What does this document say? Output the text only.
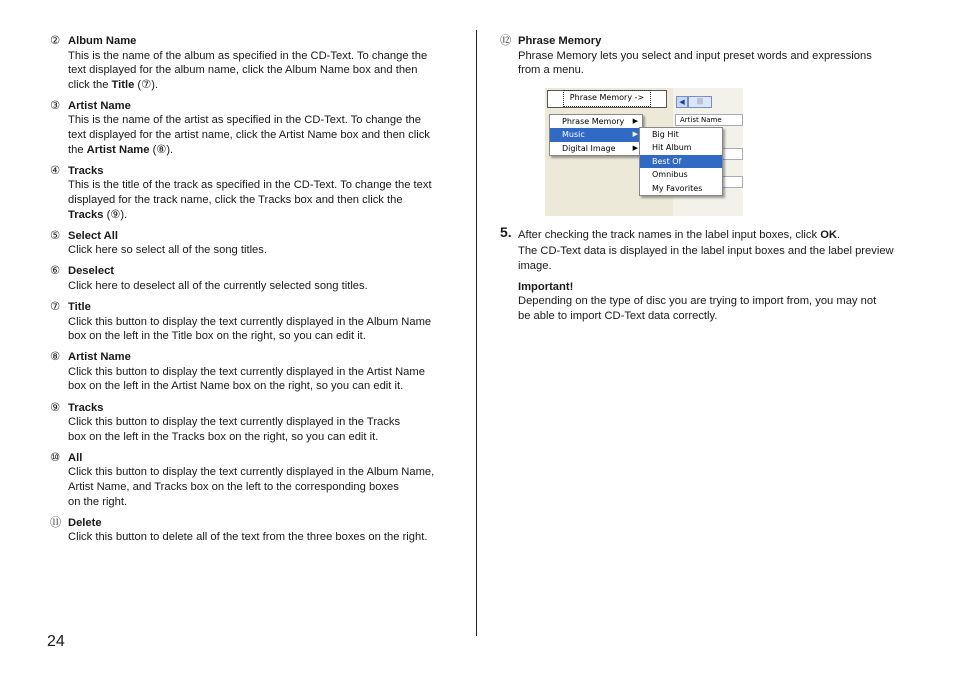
② Album Name
This is the name of the album as specified in the CD-Text. To change the
text displayed for the album name, click the Album Name box and then
click the Title (⑦).
③ Artist Name
This is the name of the artist as specified in the CD-Text. To change the
text displayed for the artist name, click the Artist Name box and then click
the Artist Name (⑧).
④ Tracks
This is the title of the track as specified in the CD-Text. To change the text
displayed for the track name, click the Tracks box and then click the
Tracks (⑨).
⑤ Select All
Click here so select all of the song titles.
⑥ Deselect
Click here to deselect all of the currently selected song titles.
⑦ Title
Click this button to display the text currently displayed in the Album Name
box on the left in the Title box on the right, so you can edit it.
⑧ Artist Name
Click this button to display the text currently displayed in the Artist Name
box on the left in the Artist Name box on the right, so you can edit it.
⑨ Tracks
Click this button to display the text currently displayed in the Tracks
box on the left in the Tracks box on the right, so you can edit it.
⑩ All
Click this button to display the text currently displayed in the Album Name,
Artist Name, and Tracks box on the left to the corresponding boxes
on the right.
⑪ Delete
Click this button to delete all of the text from the three boxes on the right.
⑫ Phrase Memory
Phrase Memory lets you select and input preset words and expressions
from a menu.
Phrase Memory ->	◀	|||
Artist Name
Phrase Memory ▶
Music	▶
Digital Image ▶
Big Hit
Hit Album
Best Of
Omnibus
My Favorites
5. After checking the track names in the label input boxes, click OK.

The CD-Text data is displayed in the label input boxes and the label preview
image.
Important!
Depending on the type of disc you are trying to import from, you may not
be able to import CD-Text data correctly.
24
